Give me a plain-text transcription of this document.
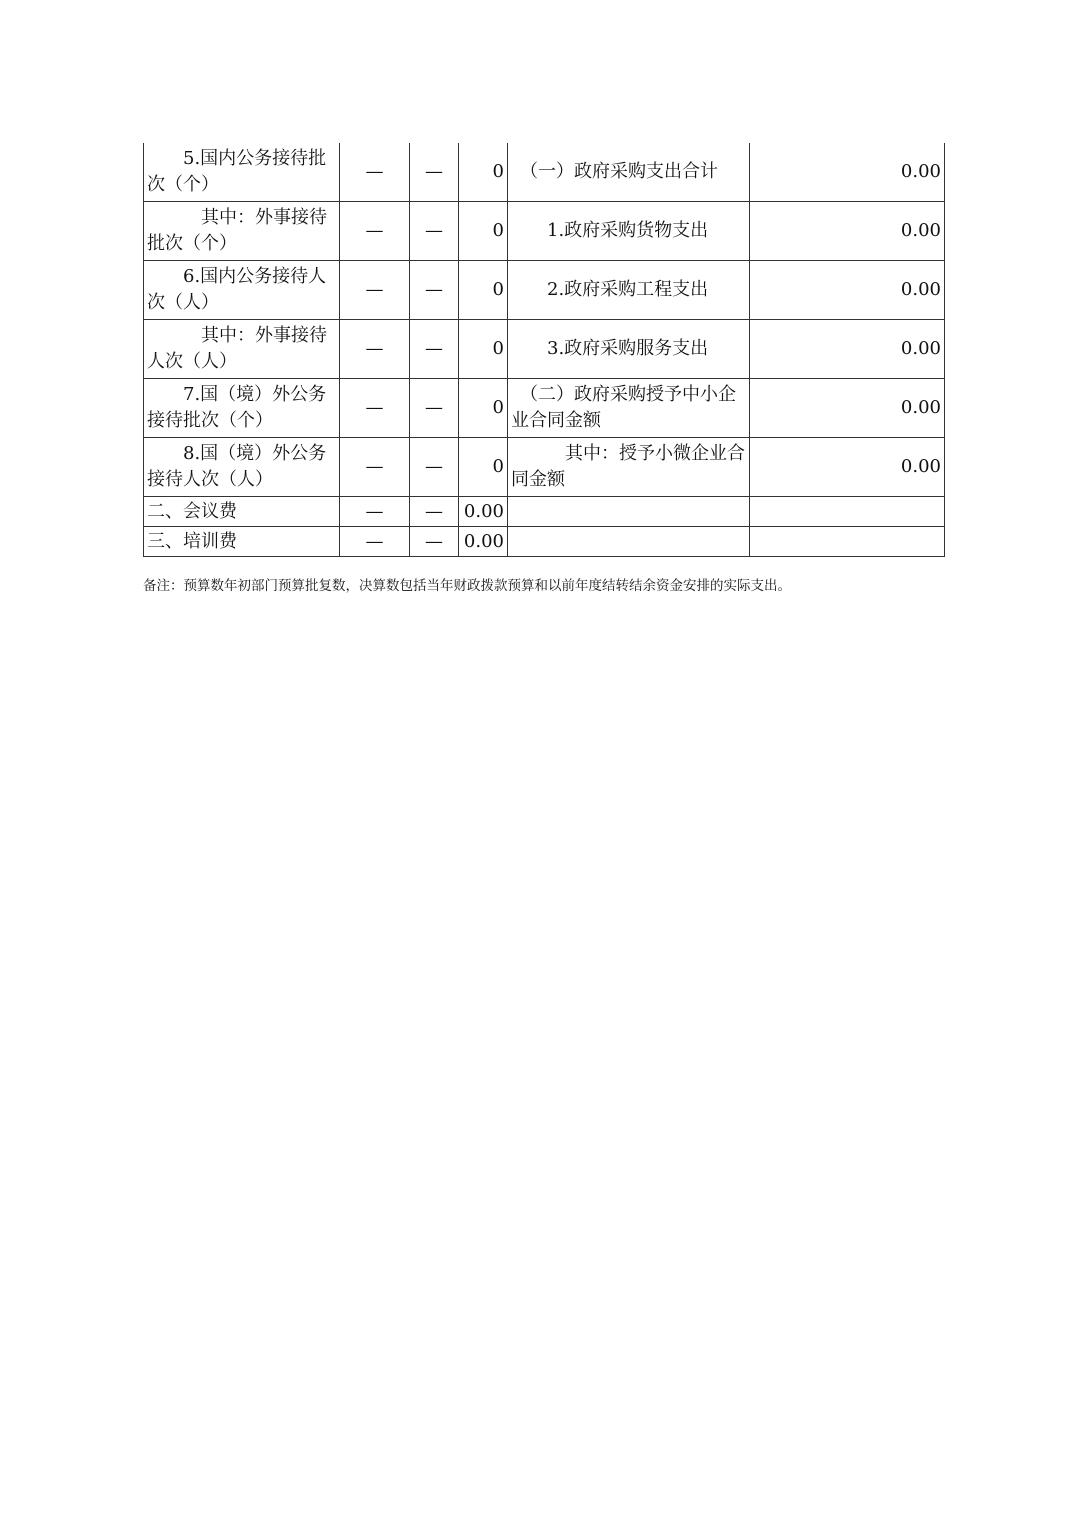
　　5.国内公务接待批次（个）	—	—	0	　（一）政府采购支出合计	0.00
　　　其中：外事接待批次（个）	—	—	0	　　1.政府采购货物支出	0.00
　　6.国内公务接待人次（人）	—	—	0	　　2.政府采购工程支出	0.00
　　　其中：外事接待人次（人）	—	—	0	　　3.政府采购服务支出	0.00
　　7.国（境）外公务接待批次（个）	—	—	0	　（二）政府采购授予中小企业合同金额	0.00
　　8.国（境）外公务接待人次（人）	—	—	0	　　　其中：授予小微企业合同金额	0.00
二、会议费	—	—	0.00		
三、培训费	—	—	0.00		
备注：预算数年初部门预算批复数，决算数包括当年财政拨款预算和以前年度结转结余资金安排的实际支出。
